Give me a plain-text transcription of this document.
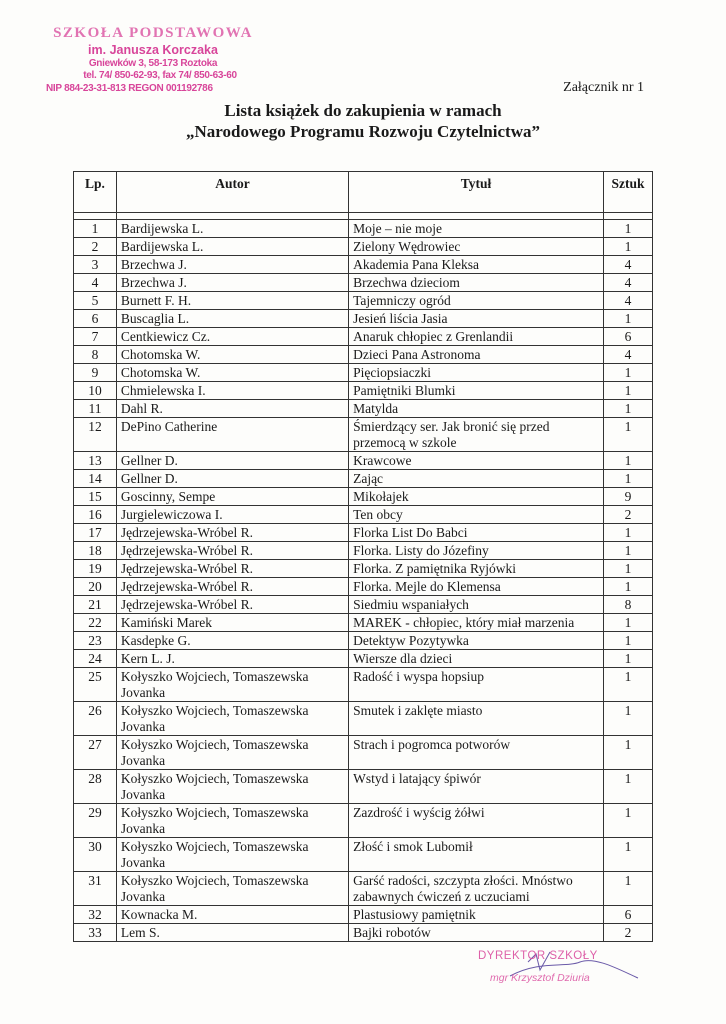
SZKOŁA PODSTAWOWA
im. Janusza Korczaka
Gniewków 3, 58-173 Roztoka
tel. 74/ 850-62-93, fax 74/ 850-63-60
NIP 884-23-31-813 REGON 001192786	Załącznik nr 1
Lista książek do zakupienia w ramach
„Narodowego Programu Rozwoju Czytelnictwa”
Lp.	Autor	Tytuł	Sztuk

1	Bardijewska L.	Moje – nie moje	1
2	Bardijewska L.	Zielony Wędrowiec	1
3	Brzechwa J.	Akademia Pana Kleksa	4
4	Brzechwa J.	Brzechwa dzieciom	4
5	Burnett F. H.	Tajemniczy ogród	4
6	Buscaglia L.	Jesień liścia Jasia	1
7	Centkiewicz Cz.	Anaruk chłopiec z Grenlandii	6
8	Chotomska W.	Dzieci Pana Astronoma	4
9	Chotomska W.	Pięciopsiaczki	1
10	Chmielewska I.	Pamiętniki Blumki	1
11	Dahl R.	Matylda	1
12	DePino Catherine	Śmierdzący ser. Jak bronić się przed przemocą w szkole	1
13	Gellner D.	Krawcowe	1
14	Gellner D.	Zając	1
15	Goscinny, Sempe	Mikołajek	9
16	Jurgielewiczowa I.	Ten obcy	2
17	Jędrzejewska-Wróbel R.	Florka List Do Babci	1
18	Jędrzejewska-Wróbel R.	Florka. Listy do Józefiny	1
19	Jędrzejewska-Wróbel R.	Florka. Z pamiętnika Ryjówki	1
20	Jędrzejewska-Wróbel R.	Florka. Mejle do Klemensa	1
21	Jędrzejewska-Wróbel R.	Siedmiu wspaniałych	8
22	Kamiński Marek	MAREK - chłopiec, który miał marzenia	1
23	Kasdepke G.	Detektyw Pozytywka	1
24	Kern L. J.	Wiersze dla dzieci	1
25	Kołyszko Wojciech, Tomaszewska Jovanka	Radość i wyspa hopsiup	1
26	Kołyszko Wojciech, Tomaszewska Jovanka	Smutek i zaklęte miasto	1
27	Kołyszko Wojciech, Tomaszewska Jovanka	Strach i pogromca potworów	1
28	Kołyszko Wojciech, Tomaszewska Jovanka	Wstyd i latający śpiwór	1
29	Kołyszko Wojciech, Tomaszewska Jovanka	Zazdrość i wyścig żółwi	1
30	Kołyszko Wojciech, Tomaszewska Jovanka	Złość i smok Lubomił	1
31	Kołyszko Wojciech, Tomaszewska Jovanka	Garść radości, szczypta złości. Mnóstwo zabawnych ćwiczeń z uczuciami	1
32	Kownacka M.	Plastusiowy pamiętnik	6
33	Lem S.	Bajki robotów	2
DYREKTOR SZKOŁY
mgr Krzysztof Dziuria
